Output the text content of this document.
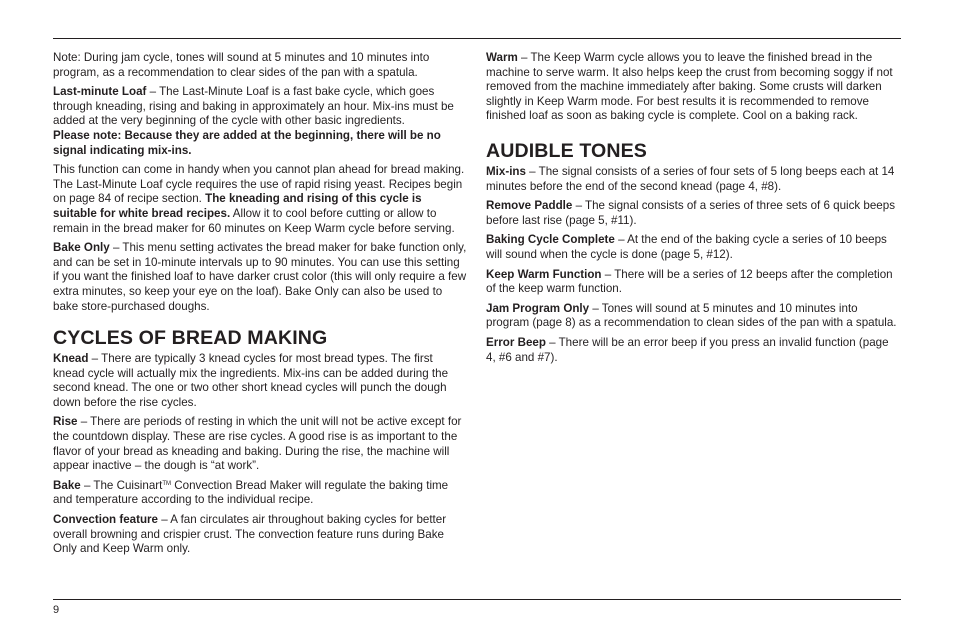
Note: During jam cycle, tones will sound at 5 minutes and 10 minutes into program, as a recommendation to clear sides of the pan with a spatula.

Last-minute Loaf – The Last-Minute Loaf is a fast bake cycle, which goes through kneading, rising and baking in approximately an hour. Mix-ins must be added at the very beginning of the cycle with other basic ingredients.
Please note: Because they are added at the beginning, there will be no signal indicating mix-ins.

This function can come in handy when you cannot plan ahead for bread making. The Last-Minute Loaf cycle requires the use of rapid rising yeast. Recipes begin on page 84 of recipe section. The kneading and rising of this cycle is suitable for white bread recipes. Allow it to cool before cutting or allow to remain in the bread maker for 60 minutes on Keep Warm cycle before serving.

Bake Only – This menu setting activates the bread maker for bake function only, and can be set in 10-minute intervals up to 90 minutes. You can use this setting if you want the finished loaf to have darker crust color (this will only require a few extra minutes, so keep your eye on the loaf). Bake Only can also be used to bake store-purchased doughs.

CYCLES OF BREAD MAKING

Knead – There are typically 3 knead cycles for most bread types. The first knead cycle will actually mix the ingredients. Mix-ins can be added during the second knead. The one or two other short knead cycles will punch the dough down before the rise cycles.

Rise – There are periods of resting in which the unit will not be active except for the countdown display. These are rise cycles. A good rise is as important to the flavor of your bread as kneading and baking. During the rise, the machine will appear inactive – the dough is “at work”.

Bake – The Cuisinart™ Convection Bread Maker will regulate the baking time and temperature according to the individual recipe.

Convection feature – A fan circulates air throughout baking cycles for better overall browning and crispier crust. The convection feature runs during Bake Only and Keep Warm only.

Warm – The Keep Warm cycle allows you to leave the finished bread in the machine to serve warm. It also helps keep the crust from becoming soggy if not removed from the machine immediately after baking. Some crusts will darken slightly in Keep Warm mode. For best results it is recommended to remove finished loaf as soon as baking cycle is complete. Cool on a baking rack.

AUDIBLE TONES

Mix-ins – The signal consists of a series of four sets of 5 long beeps each at 14 minutes before the end of the second knead (page 4, #8).

Remove Paddle – The signal consists of a series of three sets of 6 quick beeps before last rise (page 5, #11).

Baking Cycle Complete – At the end of the baking cycle a series of 10 beeps will sound when the cycle is done (page 5, #12).

Keep Warm Function – There will be a series of 12 beeps after the completion of the keep warm function.

Jam Program Only – Tones will sound at 5 minutes and 10 minutes into program (page 8) as a recommendation to clean sides of the pan with a spatula.

Error Beep – There will be an error beep if you press an invalid function (page 4, #6 and #7).

9
